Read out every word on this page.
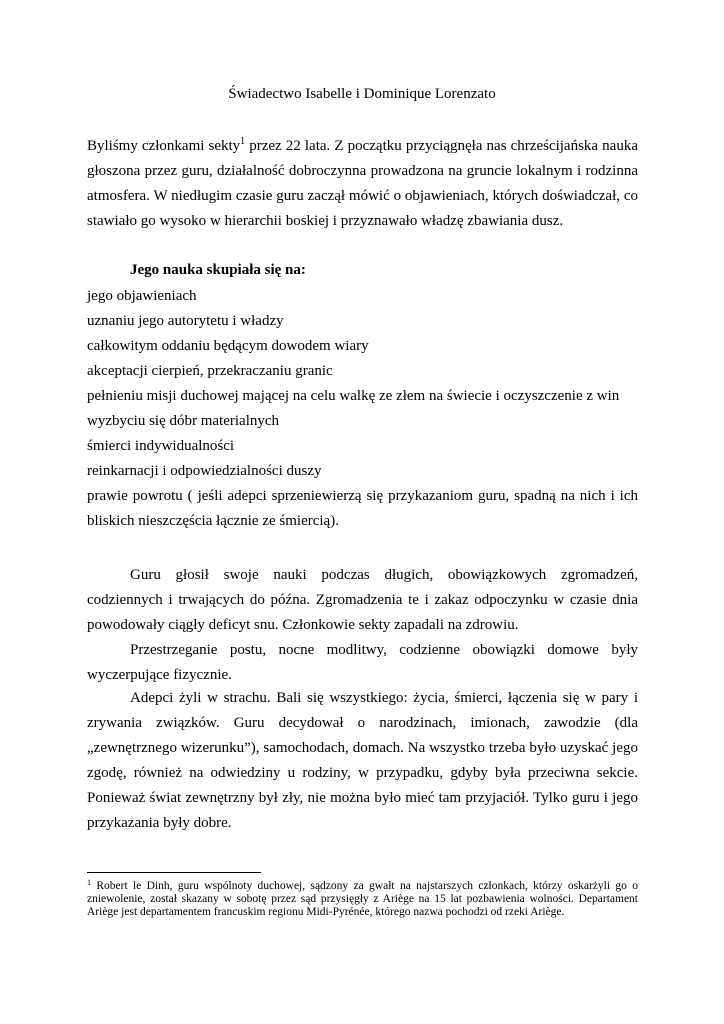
Świadectwo Isabelle i Dominique Lorenzato
Byliśmy członkami sekty$^1$ przez 22 lata. Z początku przyciągnęła nas chrześcijańska nauka głoszona przez guru, działalność dobroczynna prowadzona na gruncie lokalnym i rodzinna atmosfera. W niedługim czasie guru zaczął mówić o objawieniach, których doświadczał, co stawiało go wysoko w hierarchii boskiej i przyznawało władzę zbawiania dusz.
Jego nauka skupiała się na:
jego objawieniach
uznaniu jego autorytetu i władzy
całkowitym oddaniu będącym dowodem wiary
akceptacji cierpień, przekraczaniu granic
pełnieniu misji duchowej mającej na celu walkę ze złem na świecie i oczyszczenie z win
wyzbyciu się dóbr materialnych
śmierci indywidualności
reinkarnacji i odpowiedzialności duszy
prawie powrotu ( jeśli adepci sprzeniewierzą się przykazaniom guru, spadną na nich i ich bliskich nieszczęścia łącznie ze śmiercią).
Guru głosił swoje nauki podczas długich, obowiązkowych zgromadzeń, codziennych i trwających do późna. Zgromadzenia te i zakaz odpoczynku w czasie dnia powodowały ciągły deficyt snu. Członkowie sekty zapadali na zdrowiu.
Przestrzeganie postu, nocne modlitwy, codzienne obowiązki domowe były wyczerpujące fizycznie.
Adepci żyli w strachu. Bali się wszystkiego: życia, śmierci, łączenia się w pary i zrywania związków. Guru decydował o narodzinach, imionach, zawodzie (dla „zewnętrznego wizerunku”), samochodach, domach. Na wszystko trzeba było uzyskać jego zgodę, również na odwiedziny u rodziny, w przypadku, gdyby była przeciwna sekcie. Ponieważ świat zewnętrzny był zły, nie można było mieć tam przyjaciół. Tylko guru i jego przykazania były dobre.
$^1$ Robert le Dinh, guru wspólnoty duchowej, sądzony za gwałt na najstarszych członkach, którzy oskarżyli go o zniewolenie, został skazany w sobotę przez sąd przysięgły z Ariège na 15 lat pozbawienia wolności. Departament Ariège jest departamentem francuskim regionu Midi-Pyrénée, którego nazwa pochodzi od rzeki Ariège.
